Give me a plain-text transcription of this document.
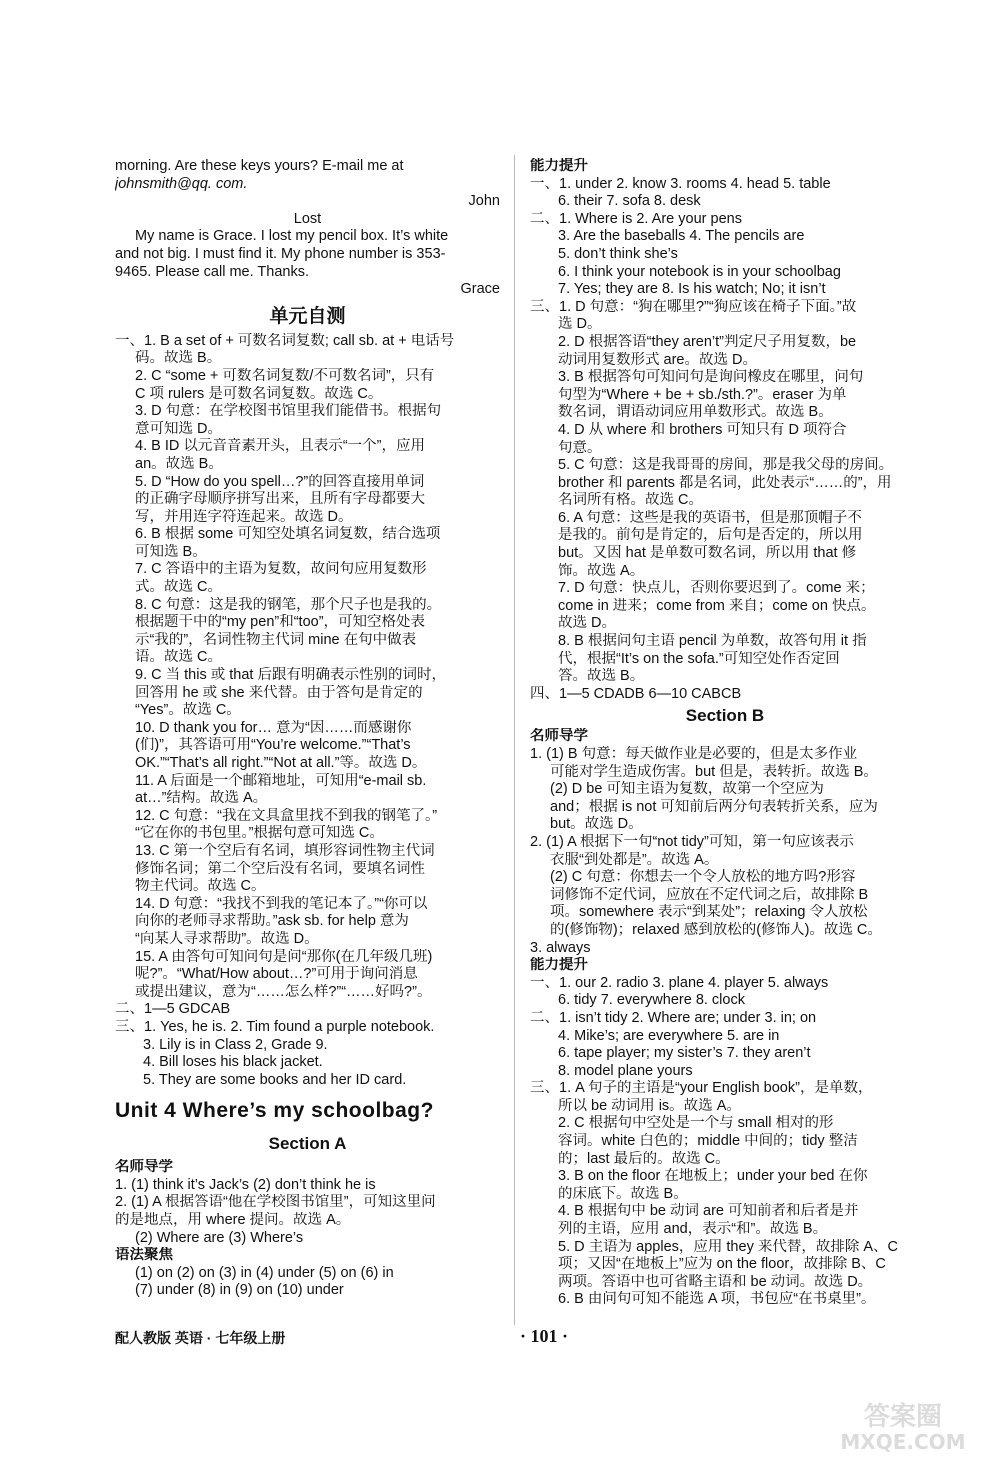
morning. Are these keys yours? E-mail me at
johnsmith@qq. com.
John
Lost
My name is Grace. I lost my pencil box. It’s white
and not big. I must find it. My phone number is 353-
9465. Please call me. Thanks.
Grace
单元自测
一、1. B a set of + 可数名词复数; call sb. at + 电话号
码。故选 B。
2. C “some + 可数名词复数/不可数名词”，只有
C 项 rulers 是可数名词复数。故选 C。
3. D 句意：在学校图书馆里我们能借书。根据句
意可知选 D。
4. B ID 以元音音素开头，且表示“一个”，应用
an。故选 B。
5. D “How do you spell…?”的回答直接用单词
的正确字母顺序拼写出来，且所有字母都要大
写，并用连字符连起来。故选 D。
6. B 根据 some 可知空处填名词复数，结合选项
可知选 B。
7. C 答语中的主语为复数，故问句应用复数形
式。故选 C。
8. C 句意：这是我的钢笔，那个尺子也是我的。
根据题干中的“my pen”和“too”，可知空格处表
示“我的”，名词性物主代词 mine 在句中做表
语。故选 C。
9. C 当 this 或 that 后跟有明确表示性别的词时，
回答用 he 或 she 来代替。由于答句是肯定的
“Yes”。故选 C。
10. D thank you for… 意为“因……而感谢你
(们)”，其答语可用“You’re welcome.”“That’s
OK.”“That’s all right.”“Not at all.”等。故选 D。
11. A 后面是一个邮箱地址，可知用“e-mail sb.
at…”结构。故选 A。
12. C 句意：“我在文具盒里找不到我的钢笔了。”
“它在你的书包里。”根据句意可知选 C。
13. C 第一个空后有名词，填形容词性物主代词
修饰名词；第二个空后没有名词，要填名词性
物主代词。故选 C。
14. D 句意：“我找不到我的笔记本了。”“你可以
向你的老师寻求帮助。”ask sb. for help 意为
“向某人寻求帮助”。故选 D。
15. A 由答句可知问句是问“那你(在几年级几班)
呢?”。“What/How about…?”可用于询问消息
或提出建议，意为“……怎么样?”“……好吗?”。
二、1—5 GDCAB
三、1. Yes, he is. 2. Tim found a purple notebook.
3. Lily is in Class 2, Grade 9.
4. Bill loses his black jacket.
5. They are some books and her ID card.
Unit 4 Where’s my schoolbag?
Section A
名师导学
1. (1) think it’s Jack’s (2) don’t think he is
2. (1) A 根据答语“他在学校图书馆里”，可知这里问
的是地点，用 where 提问。故选 A。
(2) Where are (3) Where’s
语法聚焦
(1) on (2) on (3) in (4) under (5) on (6) in
(7) under (8) in (9) on (10) under
能力提升
一、1. under 2. know 3. rooms 4. head 5. table
6. their 7. sofa 8. desk
二、1. Where is 2. Are your pens
3. Are the baseballs 4. The pencils are
5. don’t think she’s
6. I think your notebook is in your schoolbag
7. Yes; they are 8. Is his watch; No; it isn’t
三、1. D 句意：“狗在哪里?”“狗应该在椅子下面。”故
选 D。
2. D 根据答语“they aren’t”判定尺子用复数，be
动词用复数形式 are。故选 D。
3. B 根据答句可知问句是询问橡皮在哪里，问句
句型为“Where + be + sb./sth.?”。eraser 为单
数名词，谓语动词应用单数形式。故选 B。
4. D 从 where 和 brothers 可知只有 D 项符合
句意。
5. C 句意：这是我哥哥的房间，那是我父母的房间。
brother 和 parents 都是名词，此处表示“……的”，用
名词所有格。故选 C。
6. A 句意：这些是我的英语书，但是那顶帽子不
是我的。前句是肯定的，后句是否定的，所以用
but。又因 hat 是单数可数名词，所以用 that 修
饰。故选 A。
7. D 句意：快点儿，否则你要迟到了。come 来；
come in 进来；come from 来自；come on 快点。
故选 D。
8. B 根据问句主语 pencil 为单数，故答句用 it 指
代，根据“It’s on the sofa.”可知空处作否定回
答。故选 B。
四、1—5 CDADB 6—10 CABCB
Section B
名师导学
1. (1) B 句意：每天做作业是必要的，但是太多作业
可能对学生造成伤害。but 但是，表转折。故选 B。
(2) D be 可知主语为复数，故第一个空应为
and；根据 is not 可知前后两分句表转折关系，应为
but。故选 D。
2. (1) A 根据下一句“not tidy”可知，第一句应该表示
衣服“到处都是”。故选 A。
(2) C 句意：你想去一个令人放松的地方吗?形容
词修饰不定代词，应放在不定代词之后，故排除 B
项。somewhere 表示“到某处”；relaxing 令人放松
的(修饰物)；relaxed 感到放松的(修饰人)。故选 C。
3. always
能力提升
一、1. our 2. radio 3. plane 4. player 5. always
6. tidy 7. everywhere 8. clock
二、1. isn’t tidy 2. Where are; under 3. in; on
4. Mike’s; are everywhere 5. are in
6. tape player; my sister’s 7. they aren’t
8. model plane yours
三、1. A 句子的主语是“your English book”，是单数，
所以 be 动词用 is。故选 A。
2. C 根据句中空处是一个与 small 相对的形
容词。white 白色的；middle 中间的；tidy 整洁
的；last 最后的。故选 C。
3. B on the floor 在地板上；under your bed 在你
的床底下。故选 B。
4. B 根据句中 be 动词 are 可知前者和后者是并
列的主语，应用 and，表示“和”。故选 B。
5. D 主语为 apples，应用 they 来代替，故排除 A、C
项；又因“在地板上”应为 on the floor，故排除 B、C
两项。答语中也可省略主语和 be 动词。故选 D。
6. B 由问句可知不能选 A 项，书包应“在书桌里”。
配人教版 英语 · 七年级上册	· 101 ·
答案圈
MXQE.COM
